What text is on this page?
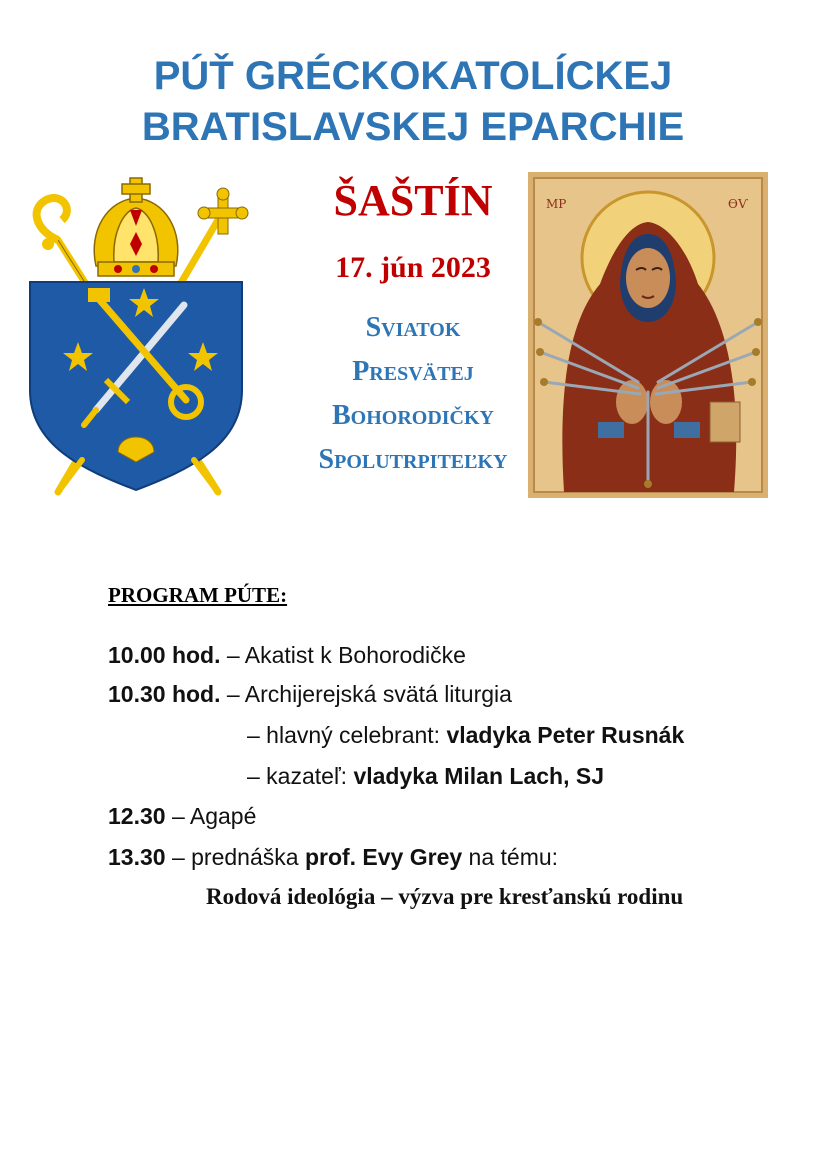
PÚŤ GRÉCKOKATOLÍCKEJ
BRATISLAVSKEJ EPARCHIE
ŠAŠTÍN
17. jún 2023
Sviatok
Presvätej
Bohorodičky
Spolutrpiteľky
МР	ѲѴ
PROGRAM PÚTE:
10.00 hod. – Akatist k Bohorodičke
10.30 hod. – Archijerejská svätá liturgia
– hlavný celebrant: vladyka Peter Rusnák
– kazateľ: vladyka Milan Lach, SJ
12.30 – Agapé
13.30 – prednáška prof. Evy Grey na tému:
Rodová ideológia – výzva pre kresťanskú rodinu
